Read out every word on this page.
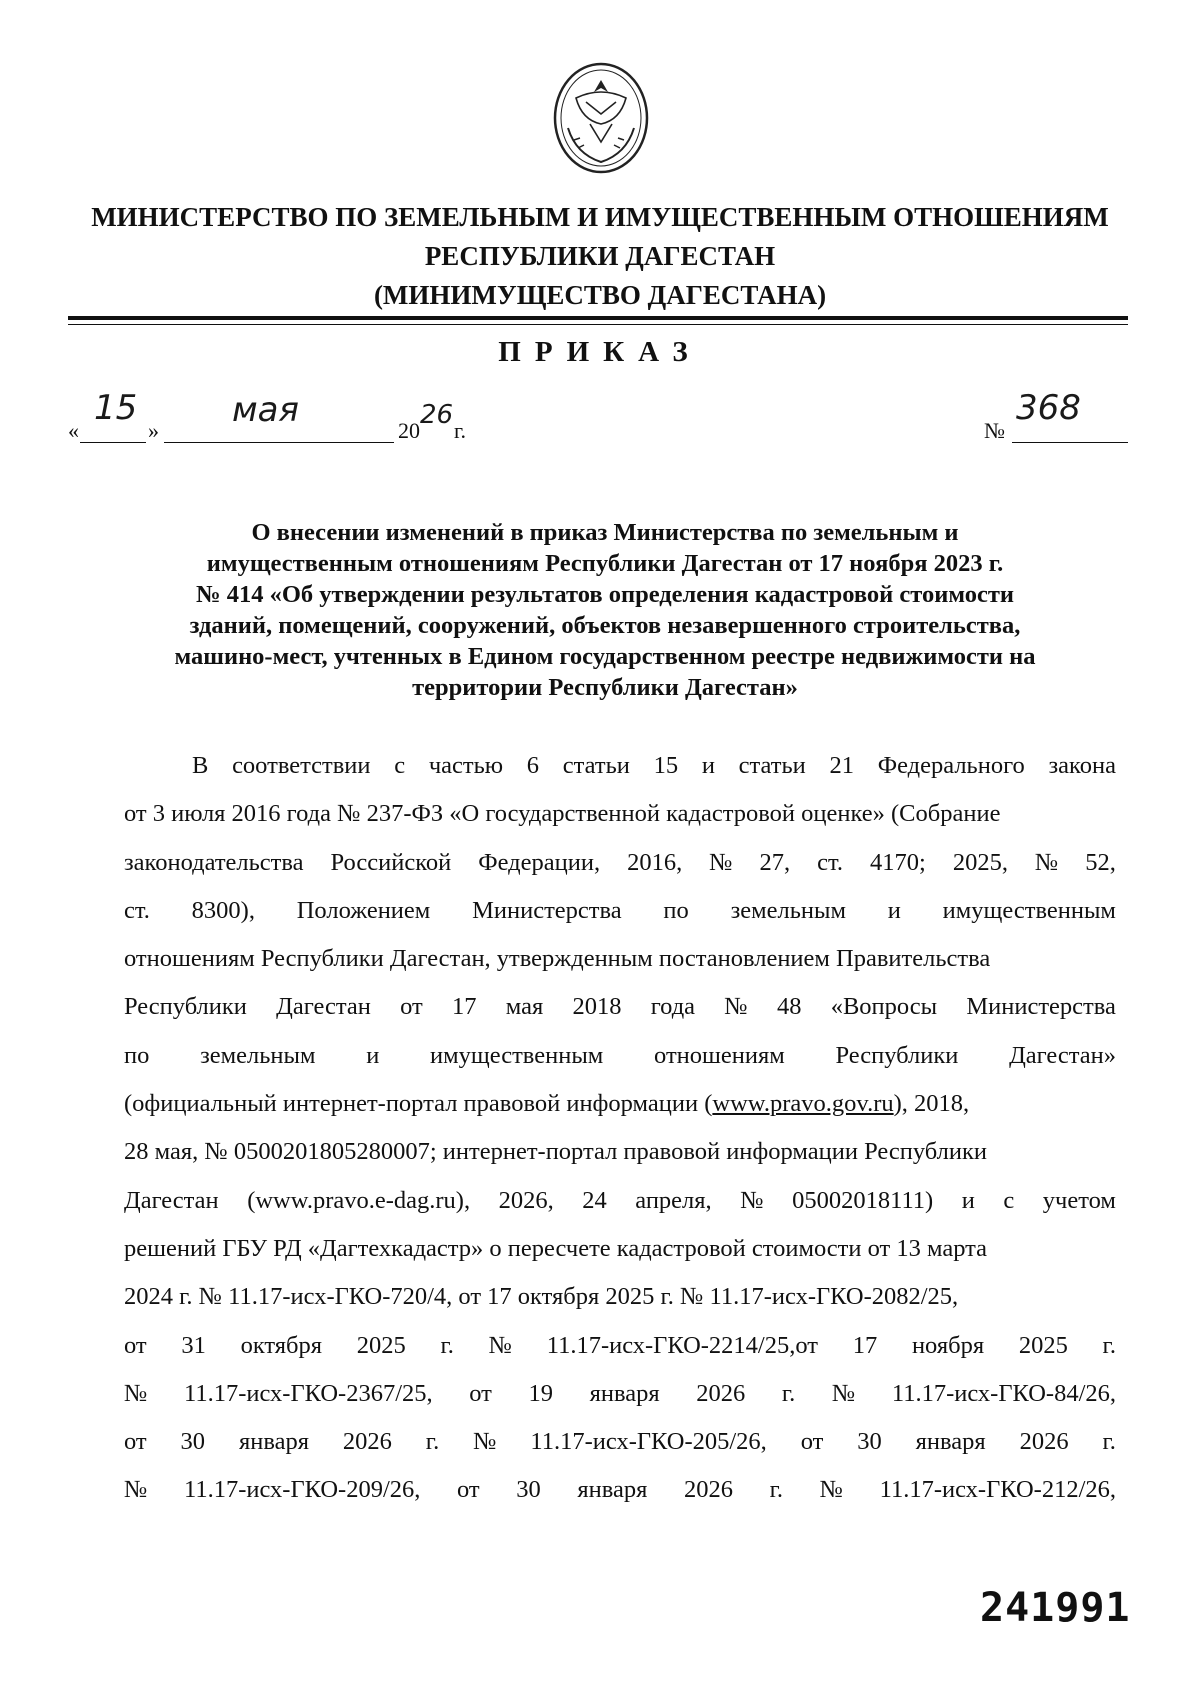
МИНИСТЕРСТВО ПО ЗЕМЕЛЬНЫМ И ИМУЩЕСТВЕННЫМ ОТНОШЕНИЯМ
РЕСПУБЛИКИ ДАГЕСТАН
(МИНИМУЩЕСТВО ДАГЕСТАНА)
ПРИКАЗ
«
15
»
мая
20
26
г.	№
368
О внесении изменений в приказ Министерства по земельным и
имущественным отношениям Республики Дагестан от 17 ноября 2023 г.
№ 414 «Об утверждении результатов определения кадастровой стоимости
зданий, помещений, сооружений, объектов незавершенного строительства,
машино-мест, учтенных в Едином государственном реестре недвижимости на
территории Республики Дагестан»
В соответствии с частью 6 статьи 15 и статьи 21 Федерального закона
от 3 июля 2016 года № 237-ФЗ «О государственной кадастровой оценке» (Собрание
законодательства Российской Федерации, 2016, № 27, ст. 4170; 2025, № 52,
ст. 8300), Положением Министерства по земельным и имущественным
отношениям Республики Дагестан, утвержденным постановлением Правительства
Республики Дагестан от 17 мая 2018 года № 48 «Вопросы Министерства
по земельным и имущественным отношениям Республики Дагестан»
(официальный интернет-портал правовой информации (www.pravo.gov.ru), 2018,
28 мая, № 0500201805280007; интернет-портал правовой информации Республики
Дагестан (www.pravo.e-dag.ru), 2026, 24 апреля, № 05002018111) и с учетом
решений ГБУ РД «Дагтехкадастр» о пересчете кадастровой стоимости от 13 марта
2024 г. № 11.17-исх-ГКО-720/4, от 17 октября 2025 г. № 11.17-исх-ГКО-2082/25,
от 31 октября 2025 г. № 11.17-исх-ГКО-2214/25,от 17 ноября 2025 г.
№ 11.17-исх-ГКО-2367/25, от 19 января 2026 г. № 11.17-исх-ГКО-84/26,
от 30 января 2026 г. № 11.17-исх-ГКО-205/26, от 30 января 2026 г.
№ 11.17-исх-ГКО-209/26, от 30 января 2026 г. № 11.17-исх-ГКО-212/26,
241991
